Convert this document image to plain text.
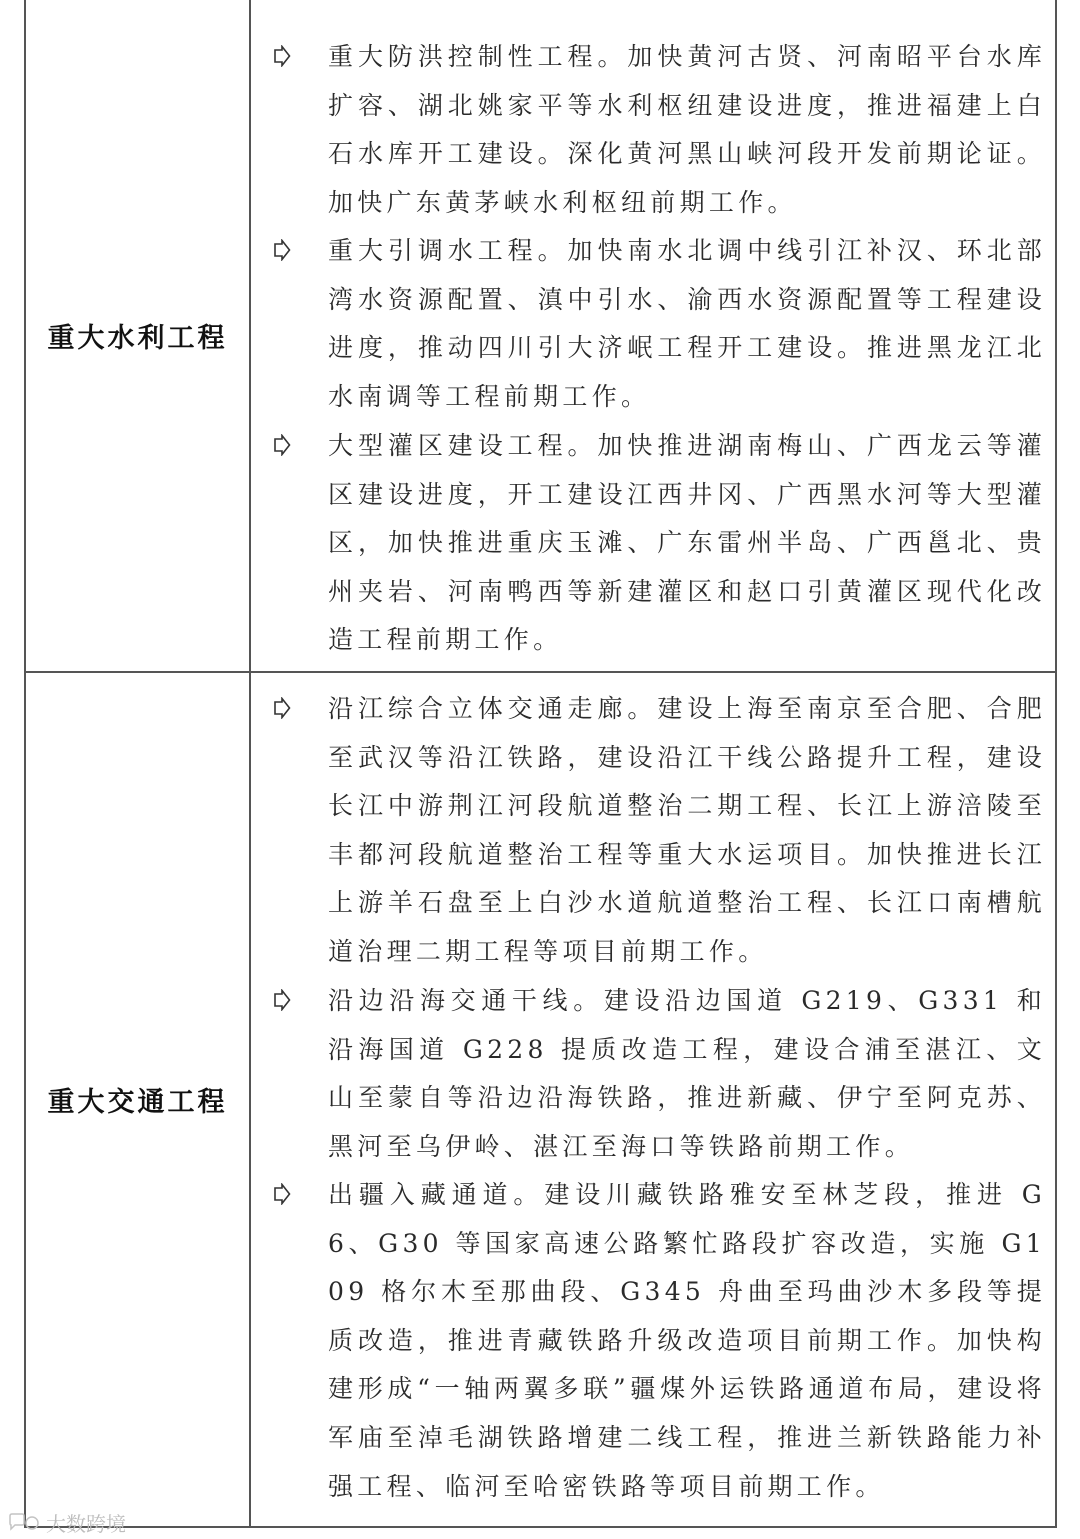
重大水利工程

重大防洪控制性工程。加快黄河古贤、河南昭平台水库扩容、湖北姚家平等水利枢纽建设进度，推进福建上白石水库开工建设。深化黄河黑山峡河段开发前期论证。加快广东黄茅峡水利枢纽前期工作。

重大引调水工程。加快南水北调中线引江补汉、环北部湾水资源配置、滇中引水、渝西水资源配置等工程建设进度，推动四川引大济岷工程开工建设。推进黑龙江北水南调等工程前期工作。

大型灌区建设工程。加快推进湖南梅山、广西龙云等灌区建设进度，开工建设江西井冈、广西黑水河等大型灌区，加快推进重庆玉滩、广东雷州半岛、广西邕北、贵州夹岩、河南鸭西等新建灌区和赵口引黄灌区现代化改造工程前期工作。

重大交通工程

沿江综合立体交通走廊。建设上海至南京至合肥、合肥至武汉等沿江铁路，建设沿江干线公路提升工程，建设长江中游荆江河段航道整治二期工程、长江上游涪陵至丰都河段航道整治工程等重大水运项目。加快推进长江上游羊石盘至上白沙水道航道整治工程、长江口南槽航道治理二期工程等项目前期工作。

沿边沿海交通干线。建设沿边国道 G219、G331 和沿海国道 G228 提质改造工程，建设合浦至湛江、文山至蒙自等沿边沿海铁路，推进新藏、伊宁至阿克苏、黑河至乌伊岭、湛江至海口等铁路前期工作。

出疆入藏通道。建设川藏铁路雅安至林芝段，推进 G6、G30 等国家高速公路繁忙路段扩容改造，实施 G109 格尔木至那曲段、G345 舟曲至玛曲沙木多段等提质改造，推进青藏铁路升级改造项目前期工作。加快构建形成“一轴两翼多联”疆煤外运铁路通道布局，建设将军庙至淖毛湖铁路增建二线工程，推进兰新铁路能力补强工程、临河至哈密铁路等项目前期工作。

大数跨境
